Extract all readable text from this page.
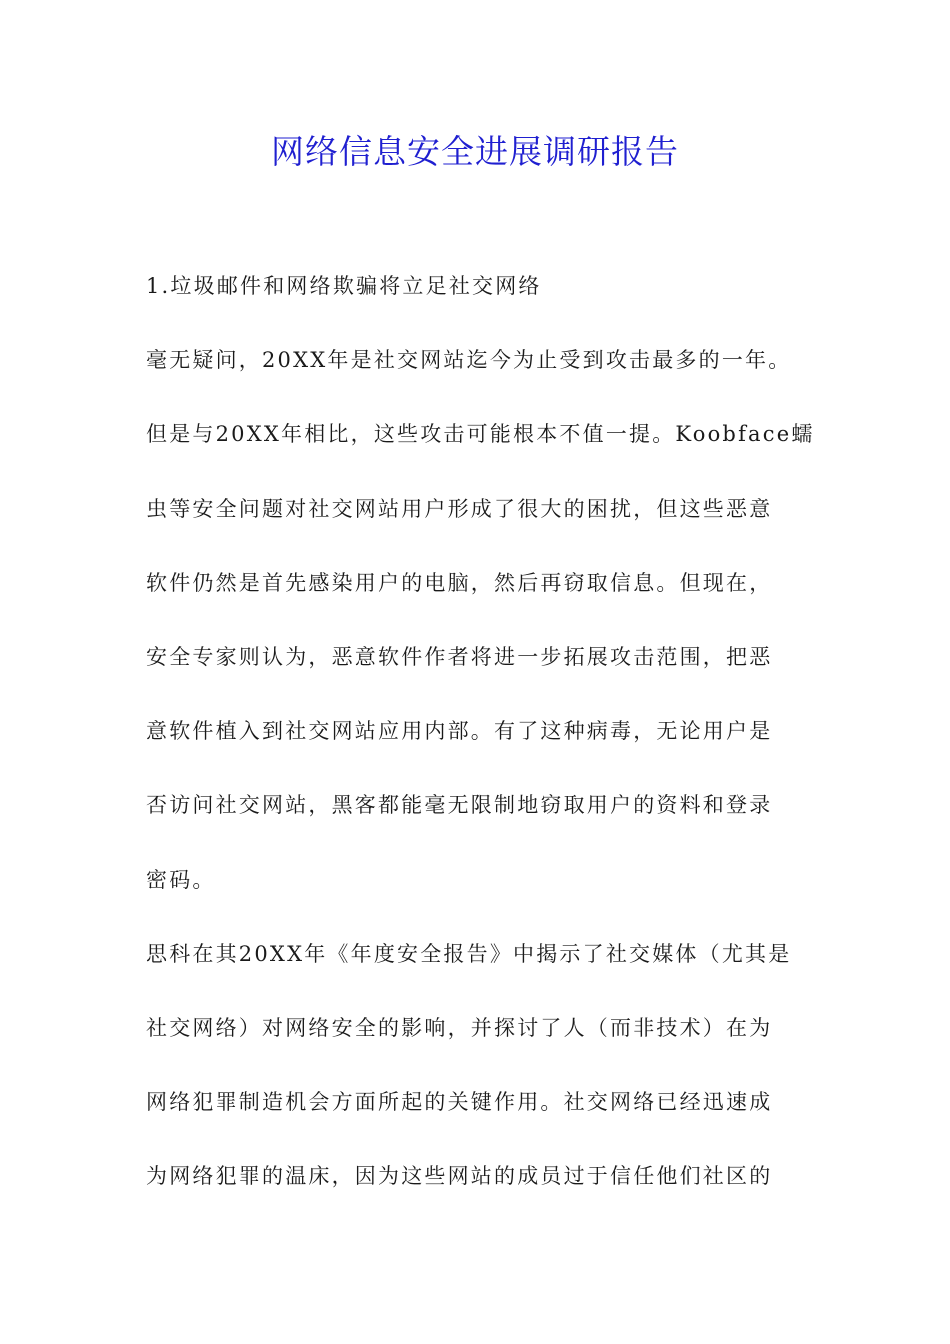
网络信息安全进展调研报告
1.垃圾邮件和网络欺骗将立足社交网络
毫无疑问，20XX年是社交网站迄今为止受到攻击最多的一年。
但是与20XX年相比，这些攻击可能根本不值一提。Koobface蠕
虫等安全问题对社交网站用户形成了很大的困扰，但这些恶意
软件仍然是首先感染用户的电脑，然后再窃取信息。但现在，
安全专家则认为，恶意软件作者将进一步拓展攻击范围，把恶
意软件植入到社交网站应用内部。有了这种病毒，无论用户是
否访问社交网站，黑客都能毫无限制地窃取用户的资料和登录
密码。
思科在其20XX年《年度安全报告》中揭示了社交媒体（尤其是
社交网络）对网络安全的影响，并探讨了人（而非技术）在为
网络犯罪制造机会方面所起的关键作用。社交网络已经迅速成
为网络犯罪的温床，因为这些网站的成员过于信任他们社区的
